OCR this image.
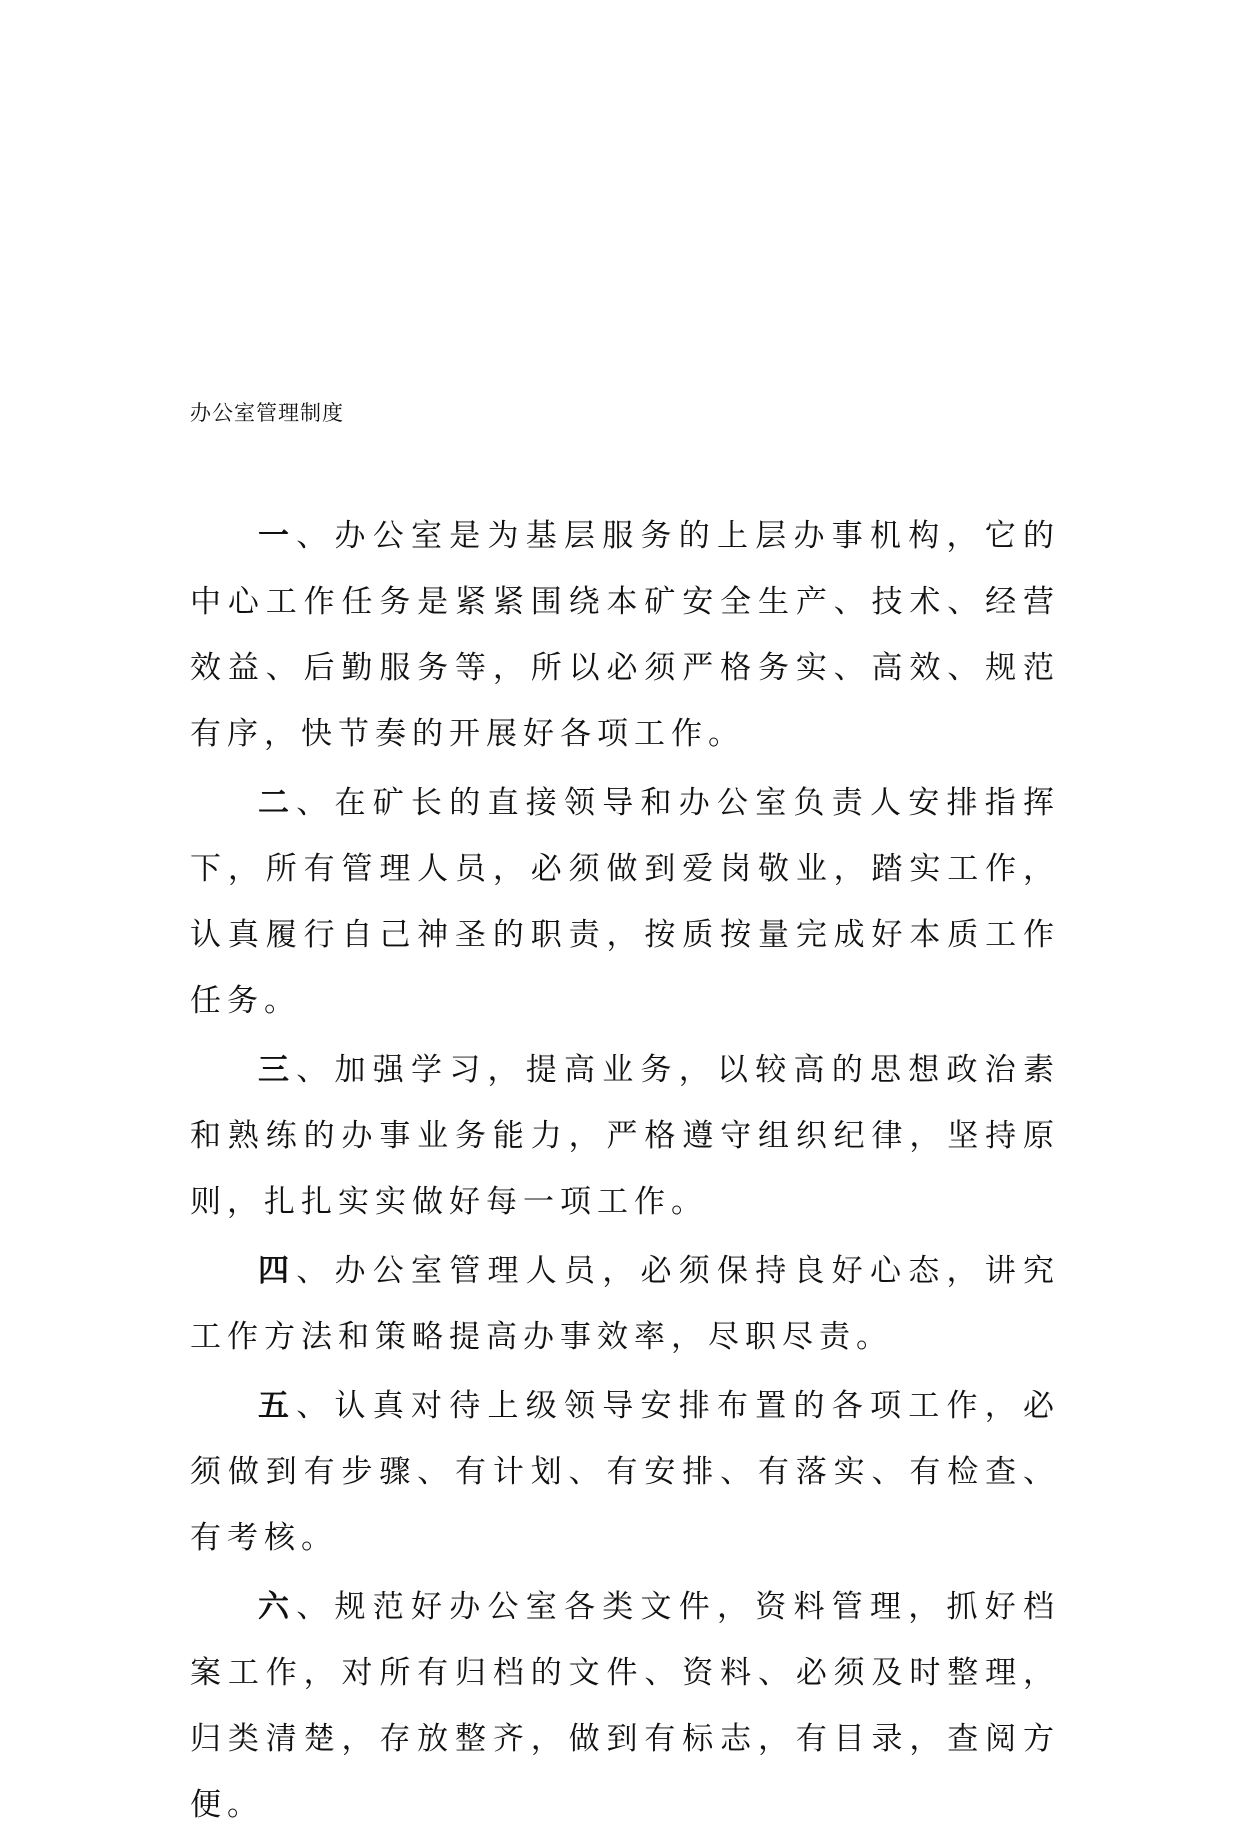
办公室管理制度

一、办公室是为基层服务的上层办事机构，它的中心工作任务是紧紧围绕本矿安全生产、技术、经营效益、后勤服务等，所以必须严格务实、高效、规范有序，快节奏的开展好各项工作。

二、在矿长的直接领导和办公室负责人安排指挥下，所有管理人员，必须做到爱岗敬业，踏实工作，认真履行自己神圣的职责，按质按量完成好本质工作任务。

三、加强学习，提高业务，以较高的思想政治素和熟练的办事业务能力，严格遵守组织纪律，坚持原则，扎扎实实做好每一项工作。

四、办公室管理人员，必须保持良好心态，讲究工作方法和策略提高办事效率，尽职尽责。

五、认真对待上级领导安排布置的各项工作，必须做到有步骤、有计划、有安排、有落实、有检查、有考核。

六、规范好办公室各类文件，资料管理，抓好档案工作，对所有归档的文件、资料、必须及时整理，归类清楚，存放整齐，做到有标志，有目录，查阅方便。
